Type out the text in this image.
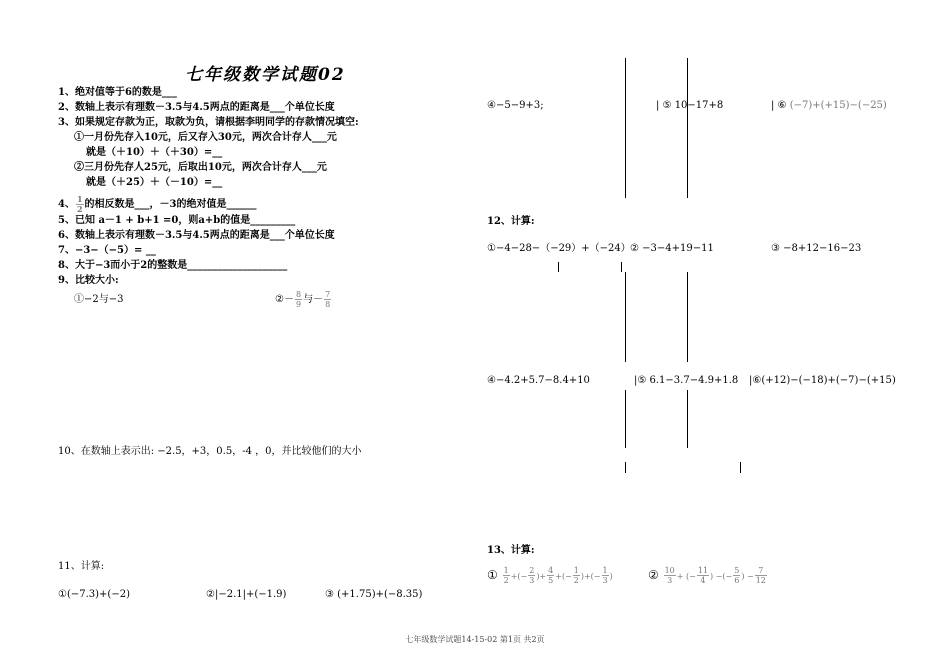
七年级数学试题02
1、绝对值等于6的数是___
2、数轴上表示有理数－3.5与4.5两点的距离是___个单位长度
3、如果规定存款为正，取款为负，请根据李明同学的存款情况填空:
①一月份先存入10元，后又存入30元，两次合计存人___元
就是（＋10）＋（＋30）=__
②三月份先存人25元，后取出10元，两次合计存人___元
就是（＋25）＋（－10）=__
4、 $\frac{1}{2}$ 的相反数是___，－3的绝对值是______
5、已知 a－1 + b+1 =0，则a+b的值是_________
6、数轴上表示有理数－3.5与4.5两点的距离是___个单位长度
7、−3−（−5）= __
8、大于−3而小于2的整数是____________________
9、比较大小:
①−2与−3	②－ $\frac{8}{9}$ 与－ $\frac{7}{8}$
10、在数轴上表示出: −2.5，+3，0.5，-4 ，0，并比较他们的大小
11、计算:
①(−7.3)+(−2)	②|−2.1|+(−1.9)	③ (+1.75)+(−8.35)
④−5−9+3;	| ⑤ 10−17+8	| ⑥ (−7)+(+15)−(−25)
12、计算:
①−4−28−（−29）+（−24） ② −3−4+19−11	③ −8+12−16−23
④−4.2+5.7−8.4+10	|⑤ 6.1−3.7−4.9+1.8 |⑥(+12)−(−18)+(−7)−(+15)
13、计算:
① $\frac{1}{2}$ +(− $\frac{2}{3}$ )+ $\frac{4}{5}$ +(− $\frac{1}{2}$ )+(− $\frac{1}{3}$ )	② $\frac{10}{3}$ + (− $\frac{11}{4}$ ) −(− $\frac{5}{6}$ ) − $\frac{7}{12}$
七年级数学试题14-15-02 第1页 共2页
